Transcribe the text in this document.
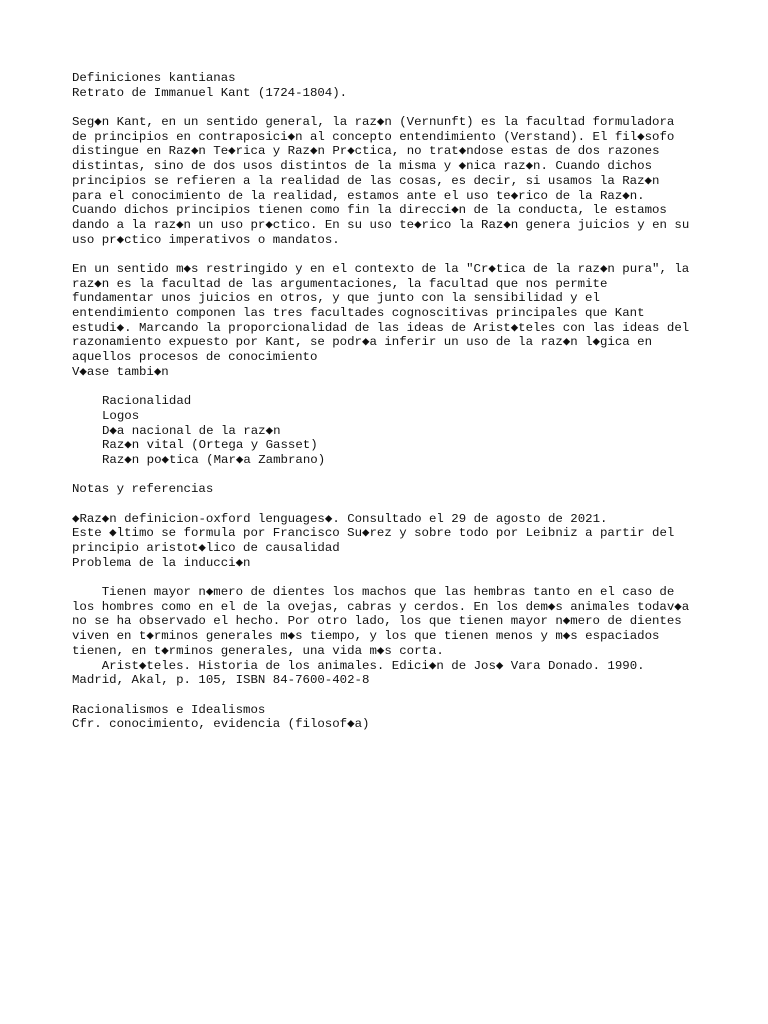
Definiciones kantianas
Retrato de Immanuel Kant (1724-1804).
Seg◆n Kant, en un sentido general, la raz◆n (Vernunft) es la facultad formuladora
de principios en contraposici◆n al concepto entendimiento (Verstand). El fil◆sofo
distingue en Raz◆n Te◆rica y Raz◆n Pr◆ctica, no trat◆ndose estas de dos razones
distintas, sino de dos usos distintos de la misma y ◆nica raz◆n. Cuando dichos
principios se refieren a la realidad de las cosas, es decir, si usamos la Raz◆n
para el conocimiento de la realidad, estamos ante el uso te◆rico de la Raz◆n.
Cuando dichos principios tienen como fin la direcci◆n de la conducta, le estamos
dando a la raz◆n un uso pr◆ctico. En su uso te◆rico la Raz◆n genera juicios y en su
uso pr◆ctico imperativos o mandatos.
En un sentido m◆s restringido y en el contexto de la "Cr◆tica de la raz◆n pura", la
raz◆n es la facultad de las argumentaciones, la facultad que nos permite
fundamentar unos juicios en otros, y que junto con la sensibilidad y el
entendimiento componen las tres facultades cognoscitivas principales que Kant
estudi◆. Marcando la proporcionalidad de las ideas de Arist◆teles con las ideas del
razonamiento expuesto por Kant, se podr◆a inferir un uso de la raz◆n l◆gica en
aquellos procesos de conocimiento
V◆ase tambi◆n
Racionalidad
Logos
D◆a nacional de la raz◆n
Raz◆n vital (Ortega y Gasset)
Raz◆n po◆tica (Mar◆a Zambrano)
Notas y referencias
◆Raz◆n definicion-oxford lenguages◆. Consultado el 29 de agosto de 2021.
Este ◆ltimo se formula por Francisco Su◆rez y sobre todo por Leibniz a partir del
principio aristot◆lico de causalidad
Problema de la inducci◆n
Tienen mayor n◆mero de dientes los machos que las hembras tanto en el caso de
los hombres como en el de la ovejas, cabras y cerdos. En los dem◆s animales todav◆a
no se ha observado el hecho. Por otro lado, los que tienen mayor n◆mero de dientes
viven en t◆rminos generales m◆s tiempo, y los que tienen menos y m◆s espaciados
tienen, en t◆rminos generales, una vida m◆s corta.
Arist◆teles. Historia de los animales. Edici◆n de Jos◆ Vara Donado. 1990.
Madrid, Akal, p. 105, ISBN 84-7600-402-8
Racionalismos e Idealismos
Cfr. conocimiento, evidencia (filosof◆a)
